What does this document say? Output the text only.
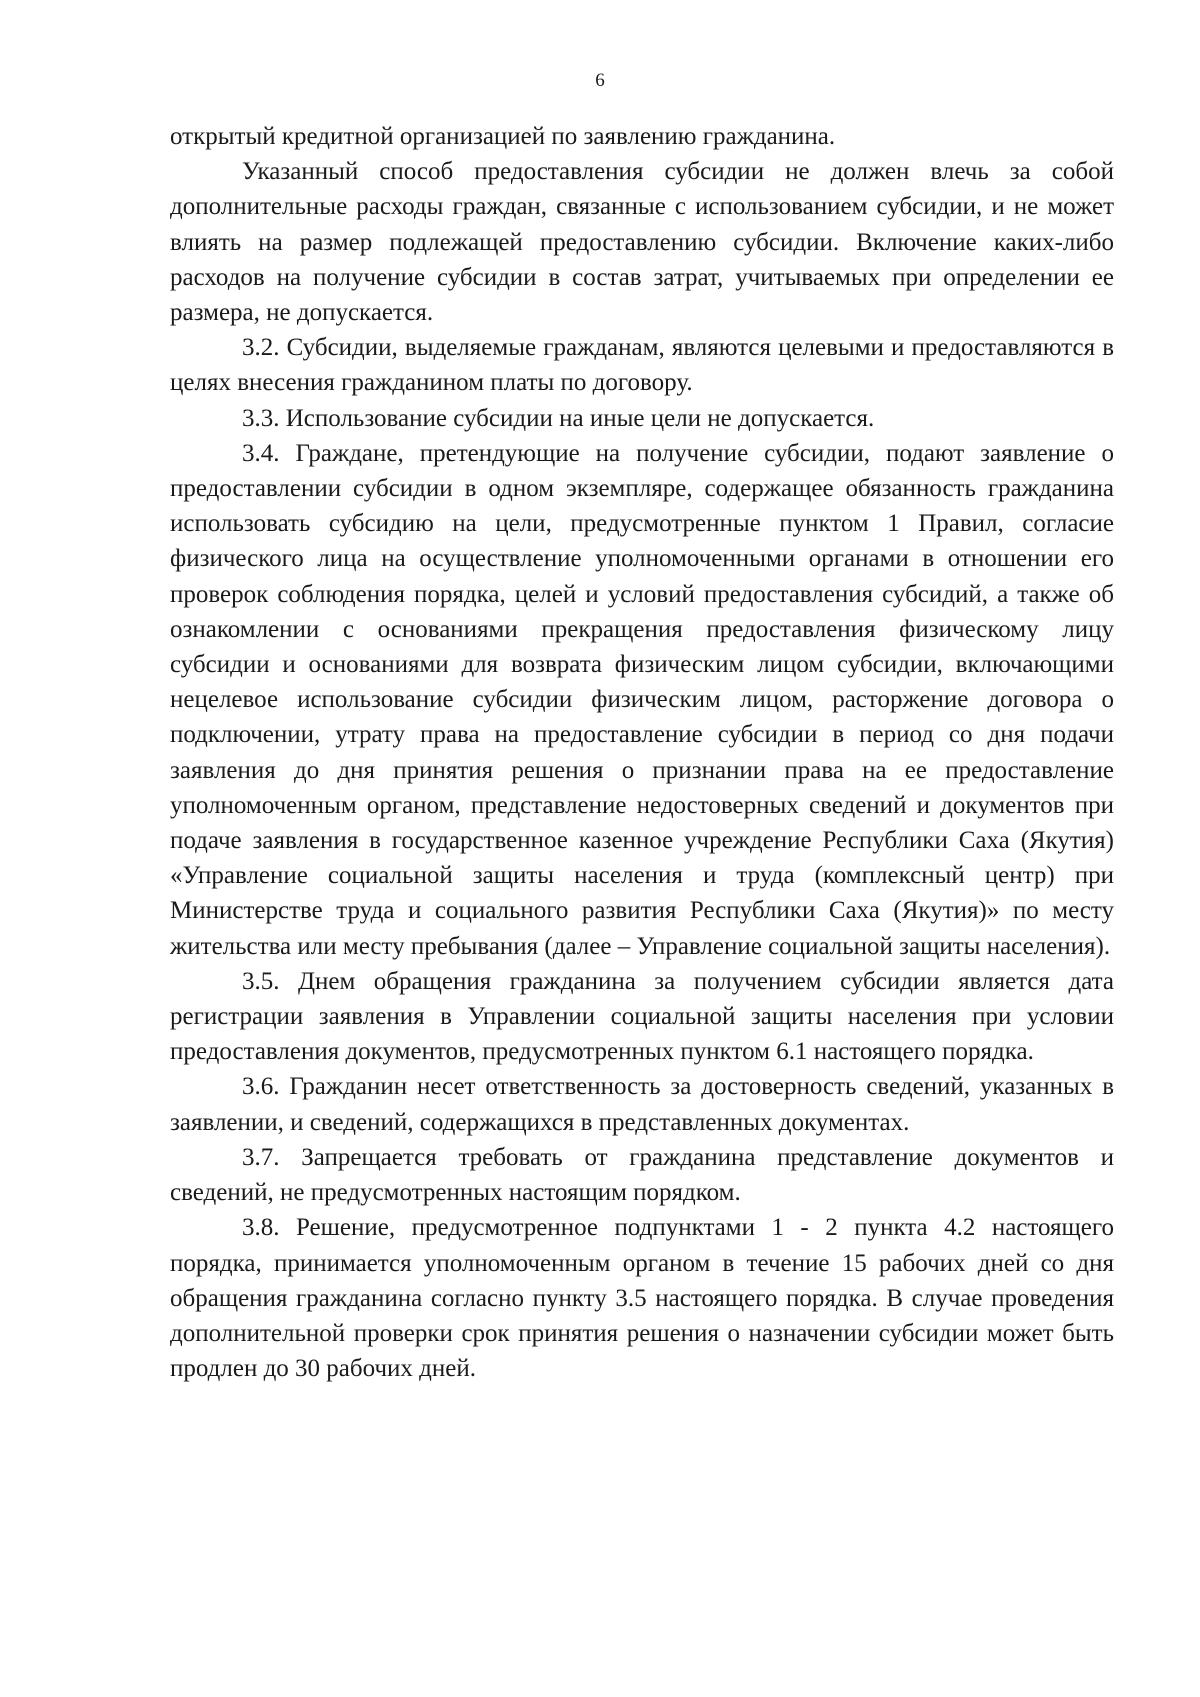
6

открытый кредитной организацией по заявлению гражданина.

Указанный способ предоставления субсидии не должен влечь за собой дополнительные расходы граждан, связанные с использованием субсидии, и не может влиять на размер подлежащей предоставлению субсидии. Включение каких-либо расходов на получение субсидии в состав затрат, учитываемых при определении ее размера, не допускается.

3.2. Субсидии, выделяемые гражданам, являются целевыми и предоставляются в целях внесения гражданином платы по договору.

3.3. Использование субсидии на иные цели не допускается.

3.4. Граждане, претендующие на получение субсидии, подают заявление о предоставлении субсидии в одном экземпляре, содержащее обязанность гражданина использовать субсидию на цели, предусмотренные пунктом 1 Правил, согласие физического лица на осуществление уполномоченными органами в отношении его проверок соблюдения порядка, целей и условий предоставления субсидий, а также об ознакомлении с основаниями прекращения предоставления физическому лицу субсидии и основаниями для возврата физическим лицом субсидии, включающими нецелевое использование субсидии физическим лицом, расторжение договора о подключении, утрату права на предоставление субсидии в период со дня подачи заявления до дня принятия решения о признании права на ее предоставление уполномоченным органом, представление недостоверных сведений и документов при подаче заявления в государственное казенное учреждение Республики Саха (Якутия) «Управление социальной защиты населения и труда (комплексный центр) при Министерстве труда и социального развития Республики Саха (Якутия)» по месту жительства или месту пребывания (далее – Управление социальной защиты населения).

3.5. Днем обращения гражданина за получением субсидии является дата регистрации заявления в Управлении социальной защиты населения при условии предоставления документов, предусмотренных пунктом 6.1 настоящего порядка.

3.6. Гражданин несет ответственность за достоверность сведений, указанных в заявлении, и сведений, содержащихся в представленных документах.

3.7. Запрещается требовать от гражданина представление документов и сведений, не предусмотренных настоящим порядком.

3.8. Решение, предусмотренное подпунктами 1 - 2 пункта 4.2 настоящего порядка, принимается уполномоченным органом в течение 15 рабочих дней со дня обращения гражданина согласно пункту 3.5 настоящего порядка. В случае проведения дополнительной проверки срок принятия решения о назначении субсидии может быть продлен до 30 рабочих дней.
